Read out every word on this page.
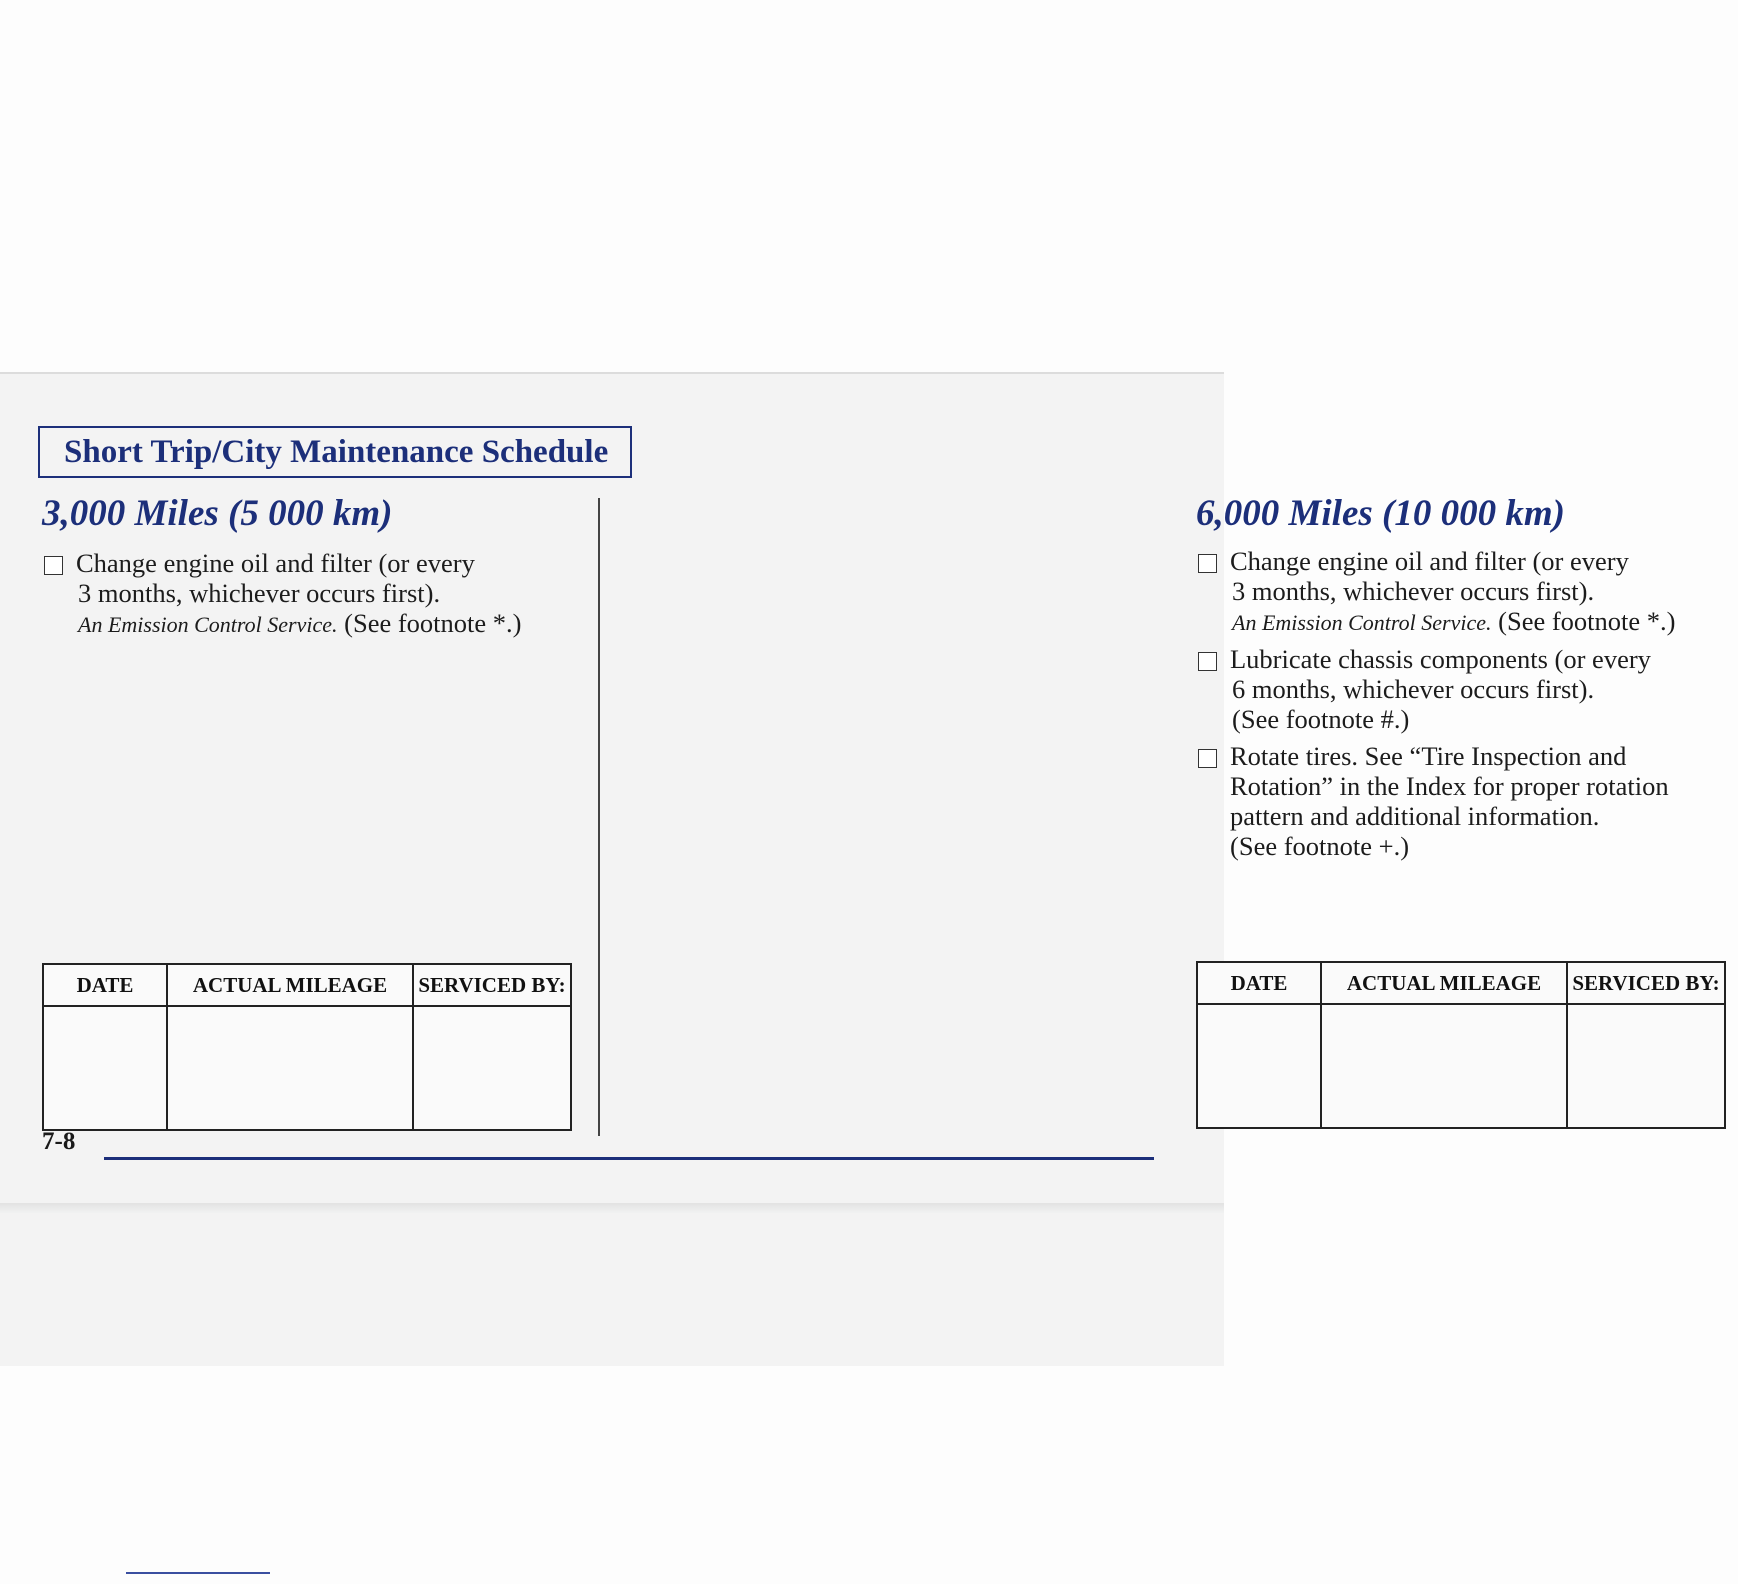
Short Trip/City Maintenance Schedule
3,000 Miles (5 000 km)
Change engine oil and filter (or every
3 months, whichever occurs first).
An Emission Control Service. (See footnote *.)
DATE	ACTUAL MILEAGE	SERVICED BY:

6,000 Miles (10 000 km)
Change engine oil and filter (or every
3 months, whichever occurs first).
An Emission Control Service. (See footnote *.)
Lubricate chassis components (or every
6 months, whichever occurs first).
(See footnote #.)
Rotate tires. See “Tire Inspection and
Rotation” in the Index for proper rotation
pattern and additional information.
(See footnote +.)
DATE	ACTUAL MILEAGE	SERVICED BY:

7-8
